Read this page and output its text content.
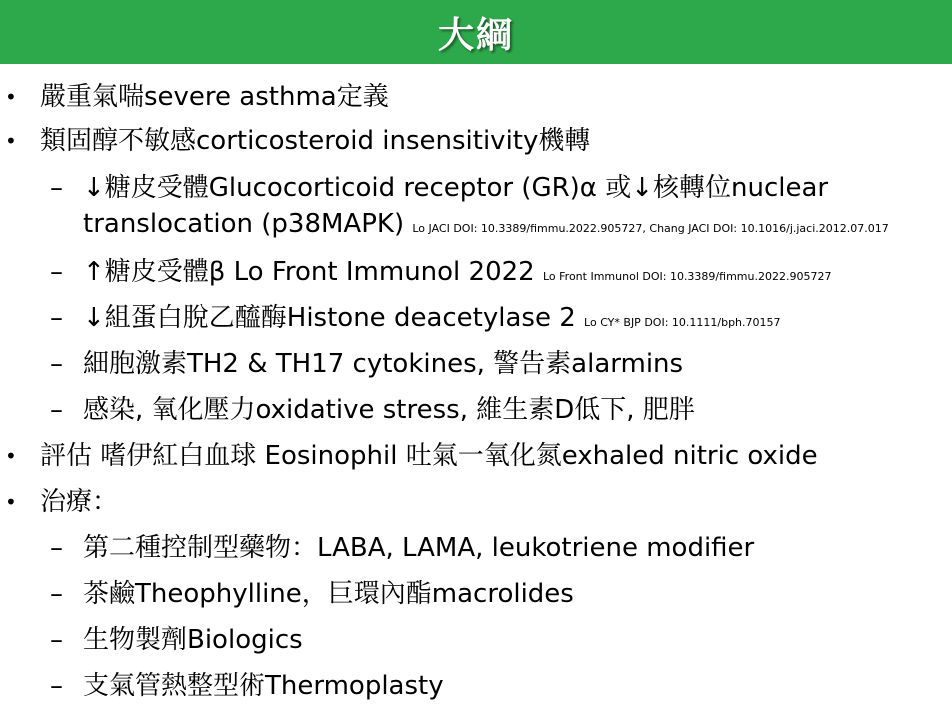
大綱
• 嚴重氣喘severe asthma定義
• 類固醇不敏感corticosteroid insensitivity機轉
– ↓糖皮受體Glucocorticoid receptor (GR)α 或↓核轉位nuclear
translocation (p38MAPK) Lo JACI DOI: 10.3389/fimmu.2022.905727, Chang JACI DOI: 10.1016/j.jaci.2012.07.017
– ↑糖皮受體β Lo Front Immunol 2022 Lo Front Immunol DOI: 10.3389/fimmu.2022.905727
– ↓組蛋白脫乙醯酶Histone deacetylase 2 Lo CY* BJP DOI: 10.1111/bph.70157
– 細胞激素TH2 & TH17 cytokines, 警告素alarmins
– 感染, 氧化壓力oxidative stress, 維生素D低下, 肥胖
• 評估 嗜伊紅白血球 Eosinophil 吐氣一氧化氮exhaled nitric oxide
• 治療：
– 第二種控制型藥物：LABA, LAMA, leukotriene modifier
– 茶鹼Theophylline，巨環內酯macrolides
– 生物製劑Biologics
– 支氣管熱整型術Thermoplasty
